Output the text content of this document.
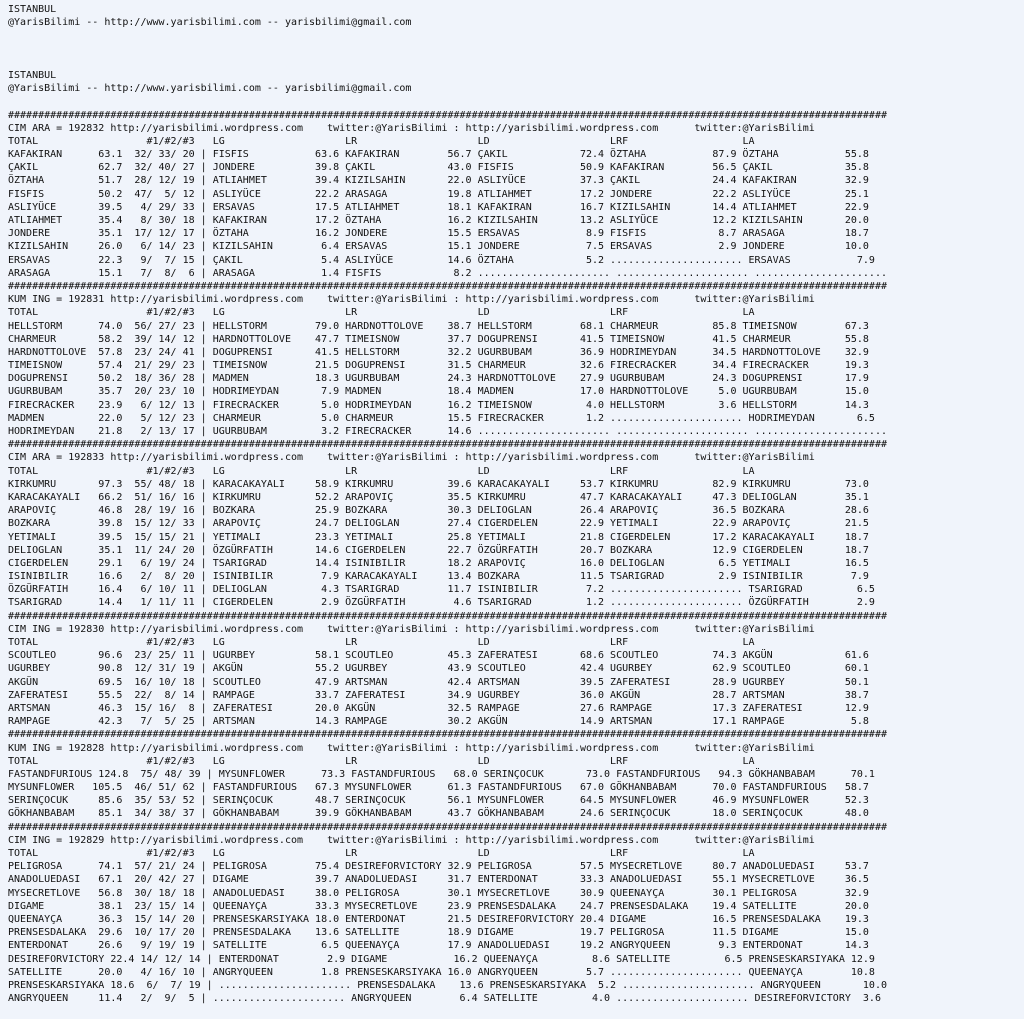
ISTANBUL
@YarisBilimi -- http://www.yarisbilimi.com -- yarisbilimi@gmail.com

ISTANBUL
@YarisBilimi -- http://www.yarisbilimi.com -- yarisbilimi@gmail.com

##################################################################################################################################################
CIM ARA = 192832 http://yarisbilimi.wordpress.com    twitter:@YarisBilimi : http://yarisbilimi.wordpress.com      twitter:@YarisBilimi
TOTAL                  #1/#2/#3   LG                    LR                    LD                    LRF                   LA
KAFAKIRAN      63.1  32/ 33/ 20 | FISFIS           63.6 KAFAKIRAN        56.7 ÇAKIL            72.4 ÖZTAHA           87.9 ÖZTAHA           55.8
ÇAKIL          62.7  32/ 40/ 27 | JONDERE          39.8 ÇAKIL            43.0 FISFIS           50.9 KAFAKIRAN        56.5 ÇAKIL            35.8
ÖZTAHA         51.7  28/ 12/ 19 | ATLIAHMET        39.4 KIZILSAHIN       22.0 ASLIYÜCE         37.3 ÇAKIL            24.4 KAFAKIRAN        32.9
FISFIS         50.2  47/  5/ 12 | ASLIYÜCE         22.2 ARASAGA          19.8 ATLIAHMET        17.2 JONDERE          22.2 ASLIYÜCE         25.1
ASLIYÜCE       39.5   4/ 29/ 33 | ERSAVAS          17.5 ATLIAHMET        18.1 KAFAKIRAN        16.7 KIZILSAHIN       14.4 ATLIAHMET        22.9
ATLIAHMET      35.4   8/ 30/ 18 | KAFAKIRAN        17.2 ÖZTAHA           16.2 KIZILSAHIN       13.2 ASLIYÜCE         12.2 KIZILSAHIN       20.0
JONDERE        35.1  17/ 12/ 17 | ÖZTAHA           16.2 JONDERE          15.5 ERSAVAS           8.9 FISFIS            8.7 ARASAGA          18.7
KIZILSAHIN     26.0   6/ 14/ 23 | KIZILSAHIN        6.4 ERSAVAS          15.1 JONDERE           7.5 ERSAVAS           2.9 JONDERE          10.0
ERSAVAS        22.3   9/  7/ 15 | ÇAKIL             5.4 ASLIYÜCE         14.6 ÖZTAHA            5.2 ...................... ERSAVAS           7.9
ARASAGA        15.1   7/  8/  6 | ARASAGA           1.4 FISFIS            8.2 ...................... ...................... ......................
##################################################################################################################################################
KUM ING = 192831 http://yarisbilimi.wordpress.com    twitter:@YarisBilimi : http://yarisbilimi.wordpress.com      twitter:@YarisBilimi
TOTAL                  #1/#2/#3   LG                    LR                    LD                    LRF                   LA
HELLSTORM      74.0  56/ 27/ 23 | HELLSTORM        79.0 HARDNOTTOLOVE    38.7 HELLSTORM        68.1 CHARMEUR         85.8 TIMEISNOW        67.3
CHARMEUR       58.2  39/ 14/ 12 | HARDNOTTOLOVE    47.7 TIMEISNOW        37.7 DOGUPRENSI       41.5 TIMEISNOW        41.5 CHARMEUR         55.8
HARDNOTTOLOVE  57.8  23/ 24/ 41 | DOGUPRENSI       41.5 HELLSTORM        32.2 UGURBUBAM        36.9 HODRIMEYDAN      34.5 HARDNOTTOLOVE    32.9
TIMEISNOW      57.4  21/ 29/ 23 | TIMEISNOW        21.5 DOGUPRENSI       31.5 CHARMEUR         32.6 FIRECRACKER      34.4 FIRECRACKER      19.3
DOGUPRENSI     50.2  18/ 36/ 28 | MADMEN           18.3 UGURBUBAM        24.3 HARDNOTTOLOVE    27.9 UGURBUBAM        24.3 DOGUPRENSI       17.9
UGURBUBAM      35.7  20/ 23/ 10 | HODRIMEYDAN       7.9 MADMEN           18.4 MADMEN           17.0 HARDNOTTOLOVE     5.0 UGURBUBAM        15.0
FIRECRACKER    23.9   6/ 12/ 13 | FIRECRACKER       5.0 HODRIMEYDAN      16.2 TIMEISNOW         4.0 HELLSTORM         3.6 HELLSTORM        14.3
MADMEN         22.0   5/ 12/ 23 | CHARMEUR          5.0 CHARMEUR         15.5 FIRECRACKER       1.2 ...................... HODRIMEYDAN       6.5
HODRIMEYDAN    21.8   2/ 13/ 17 | UGURBUBAM         3.2 FIRECRACKER      14.6 ...................... ...................... ......................
##################################################################################################################################################
CIM ARA = 192833 http://yarisbilimi.wordpress.com    twitter:@YarisBilimi : http://yarisbilimi.wordpress.com      twitter:@YarisBilimi
TOTAL                  #1/#2/#3   LG                    LR                    LD                    LRF                   LA
KIRKUMRU       97.3  55/ 48/ 18 | KARACAKAYALI     58.9 KIRKUMRU         39.6 KARACAKAYALI     53.7 KIRKUMRU         82.9 KIRKUMRU         73.0
KARACAKAYALI   66.2  51/ 16/ 16 | KIRKUMRU         52.2 ARAPOVIÇ         35.5 KIRKUMRU         47.7 KARACAKAYALI     47.3 DELIOGLAN        35.1
ARAPOVIÇ       46.8  28/ 19/ 16 | BOZKARA          25.9 BOZKARA          30.3 DELIOGLAN        26.4 ARAPOVIÇ         36.5 BOZKARA          28.6
BOZKARA        39.8  15/ 12/ 33 | ARAPOVIÇ         24.7 DELIOGLAN        27.4 CIGERDELEN       22.9 YETIMALI         22.9 ARAPOVIÇ         21.5
YETIMALI       39.5  15/ 15/ 21 | YETIMALI         23.3 YETIMALI         25.8 YETIMALI         21.8 CIGERDELEN       17.2 KARACAKAYALI     18.7
DELIOGLAN      35.1  11/ 24/ 20 | ÖZGÜRFATIH       14.6 CIGERDELEN       22.7 ÖZGÜRFATIH       20.7 BOZKARA          12.9 CIGERDELEN       18.7
CIGERDELEN     29.1   6/ 19/ 24 | TSARIGRAD        14.4 ISINIBILIR       18.2 ARAPOVIÇ         16.0 DELIOGLAN         6.5 YETIMALI         16.5
ISINIBILIR     16.6   2/  8/ 20 | ISINIBILIR        7.9 KARACAKAYALI     13.4 BOZKARA          11.5 TSARIGRAD         2.9 ISINIBILIR        7.9
ÖZGÜRFATIH     16.4   6/ 10/ 11 | DELIOGLAN         4.3 TSARIGRAD        11.7 ISINIBILIR        7.2 ...................... TSARIGRAD         6.5
TSARIGRAD      14.4   1/ 11/ 11 | CIGERDELEN        2.9 ÖZGÜRFATIH        4.6 TSARIGRAD         1.2 ...................... ÖZGÜRFATIH        2.9
##################################################################################################################################################
CIM ING = 192830 http://yarisbilimi.wordpress.com    twitter:@YarisBilimi : http://yarisbilimi.wordpress.com      twitter:@YarisBilimi
TOTAL                  #1/#2/#3   LG                    LR                    LD                    LRF                   LA
SCOUTLEO       96.6  23/ 25/ 11 | UGURBEY          58.1 SCOUTLEO         45.3 ZAFERATESI       68.6 SCOUTLEO         74.3 AKGÜN            61.6
UGURBEY        90.8  12/ 31/ 19 | AKGÜN            55.2 UGURBEY          43.9 SCOUTLEO         42.4 UGURBEY          62.9 SCOUTLEO         60.1
AKGÜN          69.5  16/ 10/ 18 | SCOUTLEO         47.9 ARTSMAN          42.4 ARTSMAN          39.5 ZAFERATESI       28.9 UGURBEY          50.1
ZAFERATESI     55.5  22/  8/ 14 | RAMPAGE          33.7 ZAFERATESI       34.9 UGURBEY          36.0 AKGÜN            28.7 ARTSMAN          38.7
ARTSMAN        46.3  15/ 16/  8 | ZAFERATESI       20.0 AKGÜN            32.5 RAMPAGE          27.6 RAMPAGE          17.3 ZAFERATESI       12.9
RAMPAGE        42.3   7/  5/ 25 | ARTSMAN          14.3 RAMPAGE          30.2 AKGÜN            14.9 ARTSMAN          17.1 RAMPAGE           5.8
##################################################################################################################################################
KUM ING = 192828 http://yarisbilimi.wordpress.com    twitter:@YarisBilimi : http://yarisbilimi.wordpress.com      twitter:@YarisBilimi
TOTAL                  #1/#2/#3   LG                    LR                    LD                    LRF                   LA
FASTANDFURIOUS 124.8  75/ 48/ 39 | MYSUNFLOWER      73.3 FASTANDFURIOUS   68.0 SERINÇOCUK       73.0 FASTANDFURIOUS   94.3 GÖKHANBABAM      70.1
MYSUNFLOWER   105.5  46/ 51/ 62 | FASTANDFURIOUS   67.3 MYSUNFLOWER      61.3 FASTANDFURIOUS   67.0 GÖKHANBABAM      70.0 FASTANDFURIOUS   58.7
SERINÇOCUK     85.6  35/ 53/ 52 | SERINÇOCUK       48.7 SERINÇOCUK       56.1 MYSUNFLOWER      64.5 MYSUNFLOWER      46.9 MYSUNFLOWER      52.3
GÖKHANBABAM    85.1  34/ 38/ 37 | GÖKHANBABAM      39.9 GÖKHANBABAM      43.7 GÖKHANBABAM      24.6 SERINÇOCUK       18.0 SERINÇOCUK       48.0
##################################################################################################################################################
CIM ING = 192829 http://yarisbilimi.wordpress.com    twitter:@YarisBilimi : http://yarisbilimi.wordpress.com      twitter:@YarisBilimi
TOTAL                  #1/#2/#3   LG                    LR                    LD                    LRF                   LA
PELIGROSA      74.1  57/ 21/ 24 | PELIGROSA        75.4 DESIREFORVICTORY 32.9 PELIGROSA        57.5 MYSECRETLOVE     80.7 ANADOLUEDASI     53.7
ANADOLUEDASI   67.1  20/ 42/ 27 | DIGAME           39.7 ANADOLUEDASI     31.7 ENTERDONAT       33.3 ANADOLUEDASI     55.1 MYSECRETLOVE     36.5
MYSECRETLOVE   56.8  30/ 18/ 18 | ANADOLUEDASI     38.0 PELIGROSA        30.1 MYSECRETLOVE     30.9 QUEENAYÇA        30.1 PELIGROSA        32.9
DIGAME         38.1  23/ 15/ 14 | QUEENAYÇA        33.3 MYSECRETLOVE     23.9 PRENSESDALAKA    24.7 PRENSESDALAKA    19.4 SATELLITE        20.0
QUEENAYÇA      36.3  15/ 14/ 20 | PRENSESKARSIYAKA 18.0 ENTERDONAT       21.5 DESIREFORVICTORY 20.4 DIGAME           16.5 PRENSESDALAKA    19.3
PRENSESDALAKA  29.6  10/ 17/ 20 | PRENSESDALAKA    13.6 SATELLITE        18.9 DIGAME           19.7 PELIGROSA        11.5 DIGAME           15.0
ENTERDONAT     26.6   9/ 19/ 19 | SATELLITE         6.5 QUEENAYÇA        17.9 ANADOLUEDASI     19.2 ANGRYQUEEN        9.3 ENTERDONAT       14.3
DESIREFORVICTORY 22.4 14/ 12/ 14 | ENTERDONAT        2.9 DIGAME           16.2 QUEENAYÇA         8.6 SATELLITE         6.5 PRENSESKARSIYAKA 12.9
SATELLITE      20.0   4/ 16/ 10 | ANGRYQUEEN        1.8 PRENSESKARSIYAKA 16.0 ANGRYQUEEN        5.7 ...................... QUEENAYÇA        10.8
PRENSESKARSIYAKA 18.6  6/  7/ 19 | ...................... PRENSESDALAKA    13.6 PRENSESKARSIYAKA  5.2 ...................... ANGRYQUEEN       10.0
ANGRYQUEEN     11.4   2/  9/  5 | ...................... ANGRYQUEEN        6.4 SATELLITE         4.0 ...................... DESIREFORVICTORY  3.6
